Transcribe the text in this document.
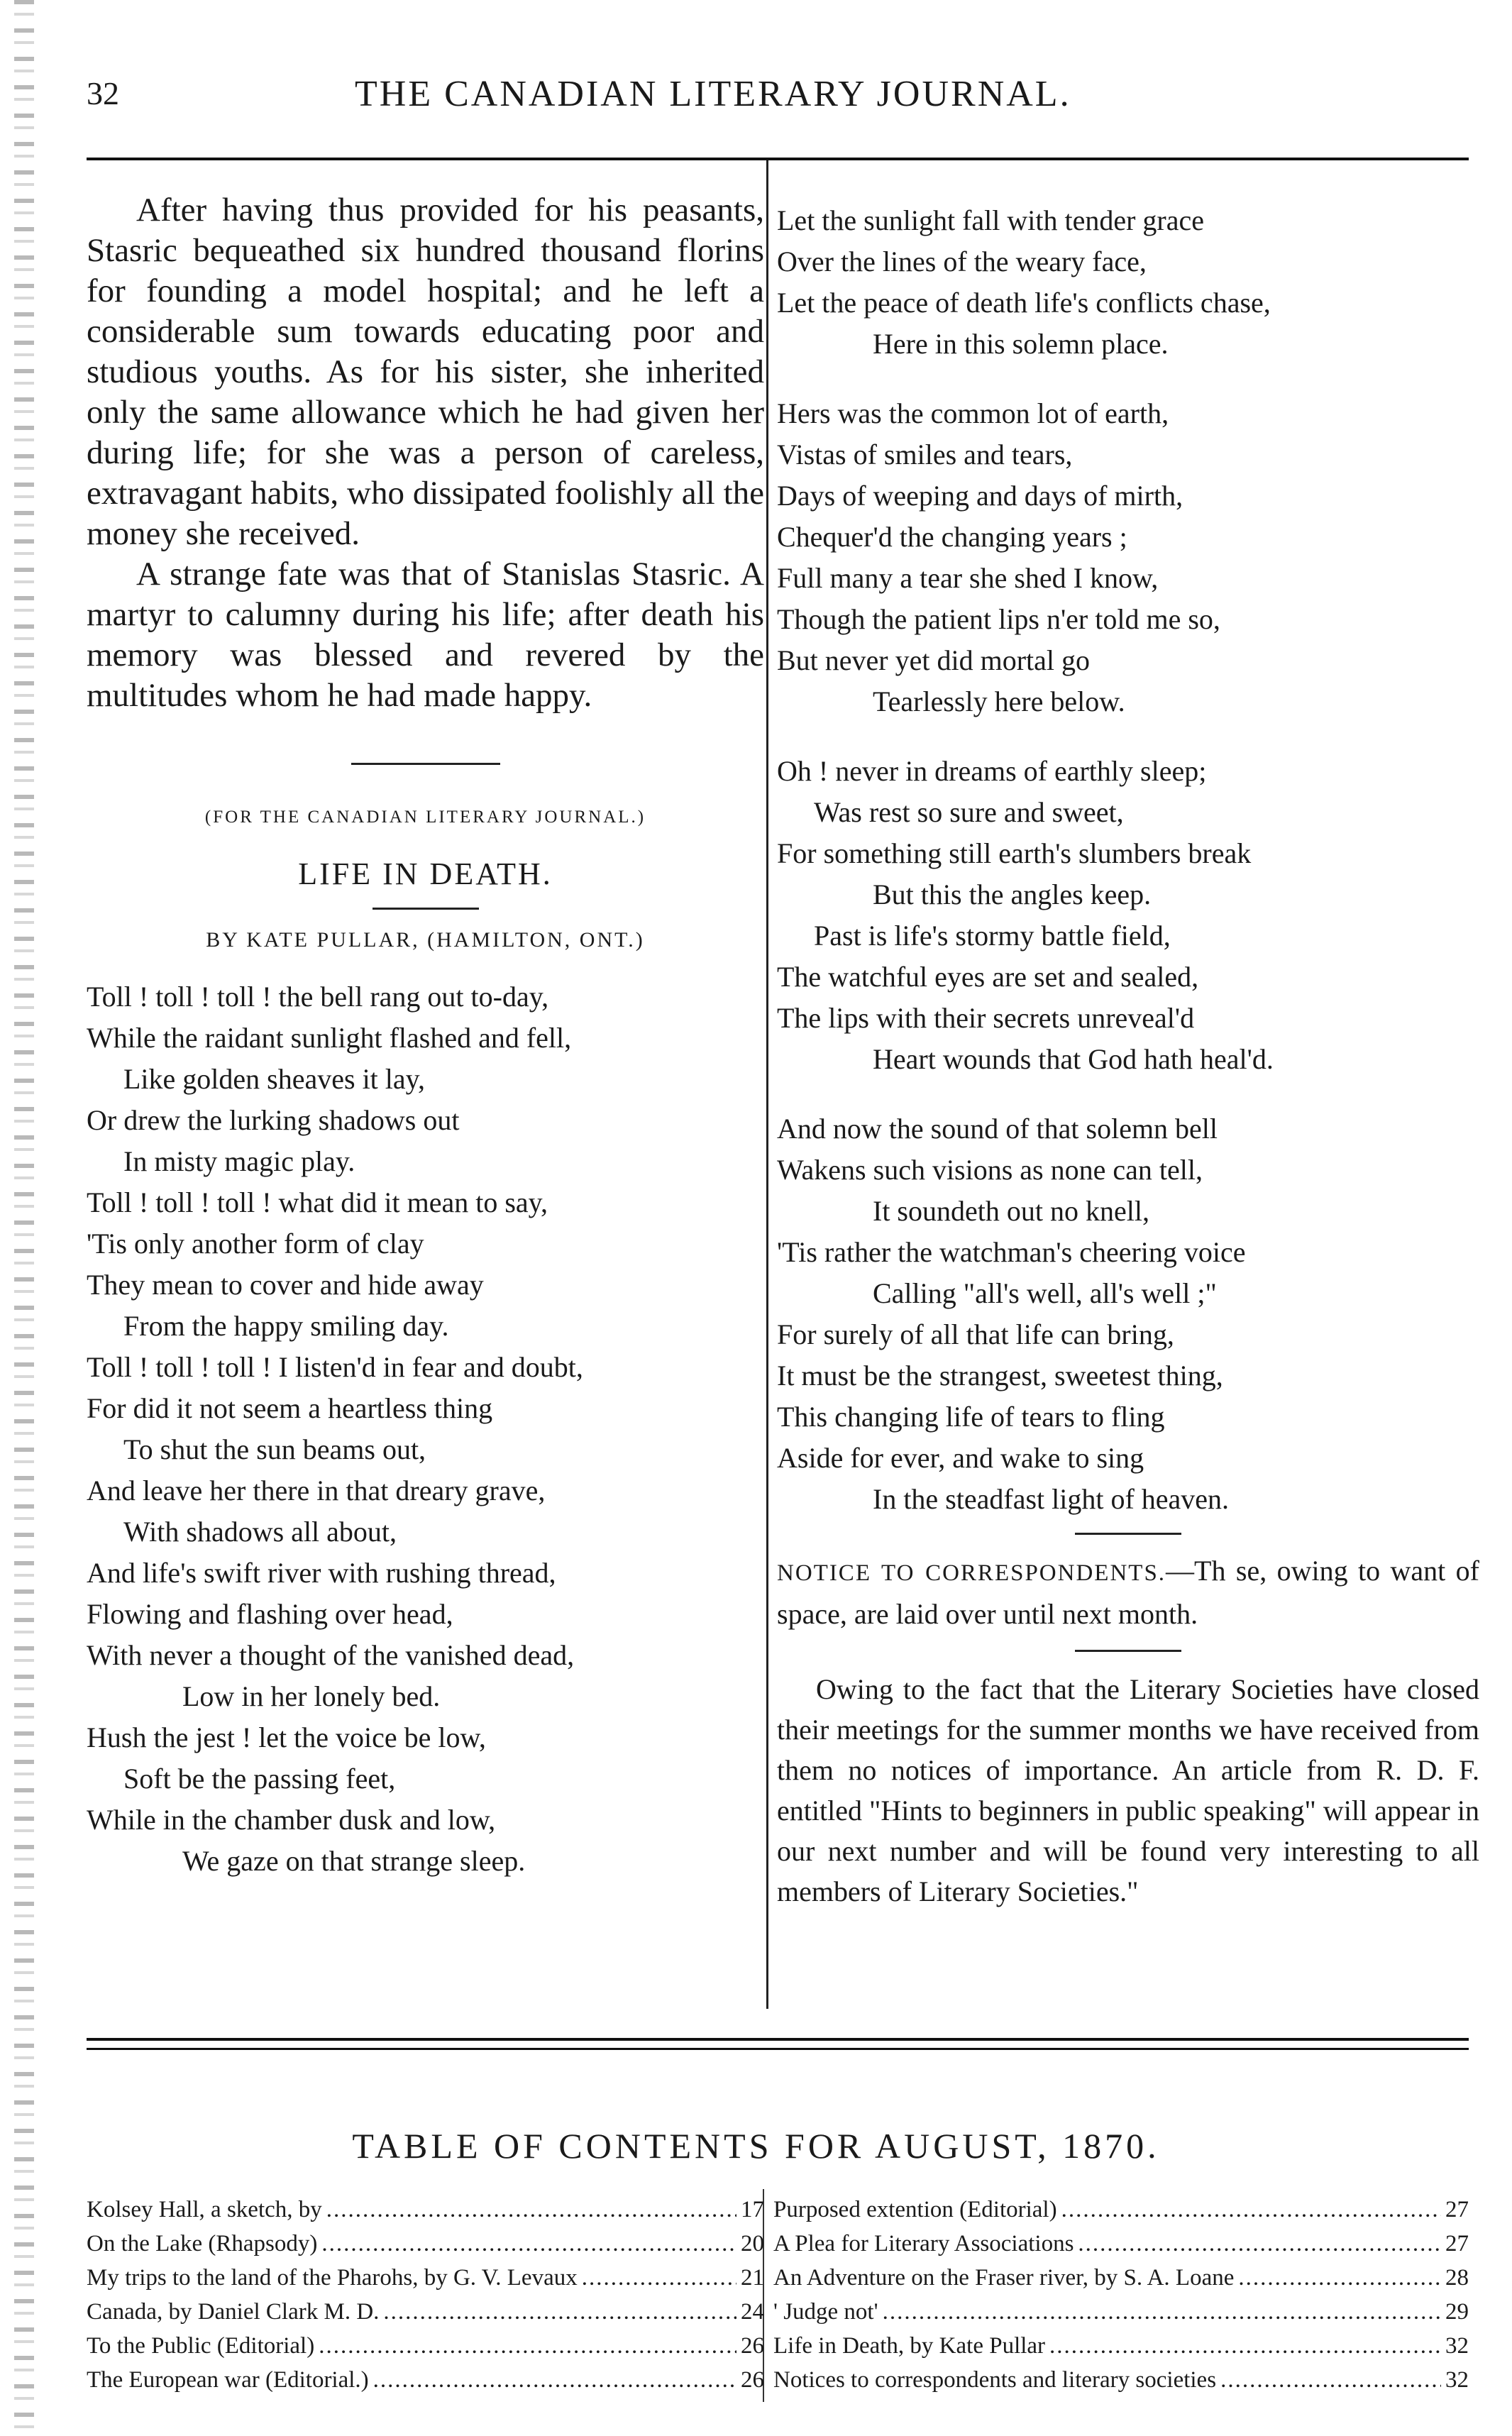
32	THE CANADIAN LITERARY JOURNAL.

After having thus provided for his peasants, Stasric bequeathed six hundred thousand florins for founding a model hospital; and he left a considerable sum towards educating poor and studious youths. As for his sister, she inherited only the same allowance which he had given her during life; for she was a person of careless, extravagant habits, who dissipated foolishly all the money she received.

A strange fate was that of Stanislas Stasric. A martyr to calumny during his life; after death his memory was blessed and revered by the multitudes whom he had made happy.

(FOR THE CANADIAN LITERARY JOURNAL.)
LIFE IN DEATH.
BY KATE PULLAR, (HAMILTON, ONT.)
Toll ! toll ! toll ! the bell rang out to-day,
While the raidant sunlight flashed and fell,
Like golden sheaves it lay,
Or drew the lurking shadows out
In misty magic play.
Toll ! toll ! toll ! what did it mean to say,
'Tis only another form of clay
They mean to cover and hide away
From the happy smiling day.
Toll ! toll ! toll ! I listen'd in fear and doubt,
For did it not seem a heartless thing
To shut the sun beams out,
And leave her there in that dreary grave,
With shadows all about,
And life's swift river with rushing thread,
Flowing and flashing over head,
With never a thought of the vanished dead,
Low in her lonely bed.
Hush the jest ! let the voice be low,
Soft be the passing feet,
While in the chamber dusk and low,
We gaze on that strange sleep.
Let the sunlight fall with tender grace
Over the lines of the weary face,
Let the peace of death life's conflicts chase,
Here in this solemn place.
Hers was the common lot of earth,
Vistas of smiles and tears,
Days of weeping and days of mirth,
Chequer'd the changing years ;
Full many a tear she shed I know,
Though the patient lips n'er told me so,
But never yet did mortal go
Tearlessly here below.
Oh ! never in dreams of earthly sleep;
Was rest so sure and sweet,
For something still earth's slumbers break
But this the angles keep.
Past is life's stormy battle field,
The watchful eyes are set and sealed,
The lips with their secrets unreveal'd
Heart wounds that God hath heal'd.
And now the sound of that solemn bell
Wakens such visions as none can tell,
It soundeth out no knell,
'Tis rather the watchman's cheering voice
Calling "all's well, all's well ;"
For surely of all that life can bring,
It must be the strangest, sweetest thing,
This changing life of tears to fling
Aside for ever, and wake to sing
In the steadfast light of heaven.
NOTICE TO CORRESPONDENTS.—Th se, owing to want of space, are laid over until next month.
Owing to the fact that the Literary Societies have closed their meetings for the summer months we have received from them no notices of importance. An article from R. D. F. entitled "Hints to beginners in public speaking" will appear in our next number and will be found very interesting to all members of Literary Societies."
TABLE OF CONTENTS FOR AUGUST, 1870.
Kolsey Hall, a sketch, by .....	17
On the Lake (Rhapsody) .....	20
My trips to the land of the Pharohs, by G. V. Levaux .....	21
Canada, by Daniel Clark M. D. .....	24
To the Public (Editorial) .....	26
The European war (Editorial.) .....	26
Purposed extention (Editorial) .....	27
A Plea for Literary Associations .....	27
An Adventure on the Fraser river, by S. A. Loane .....	28
' Judge not' .....	29
Life in Death, by Kate Pullar .....	32
Notices to correspondents and literary societies .....	32
